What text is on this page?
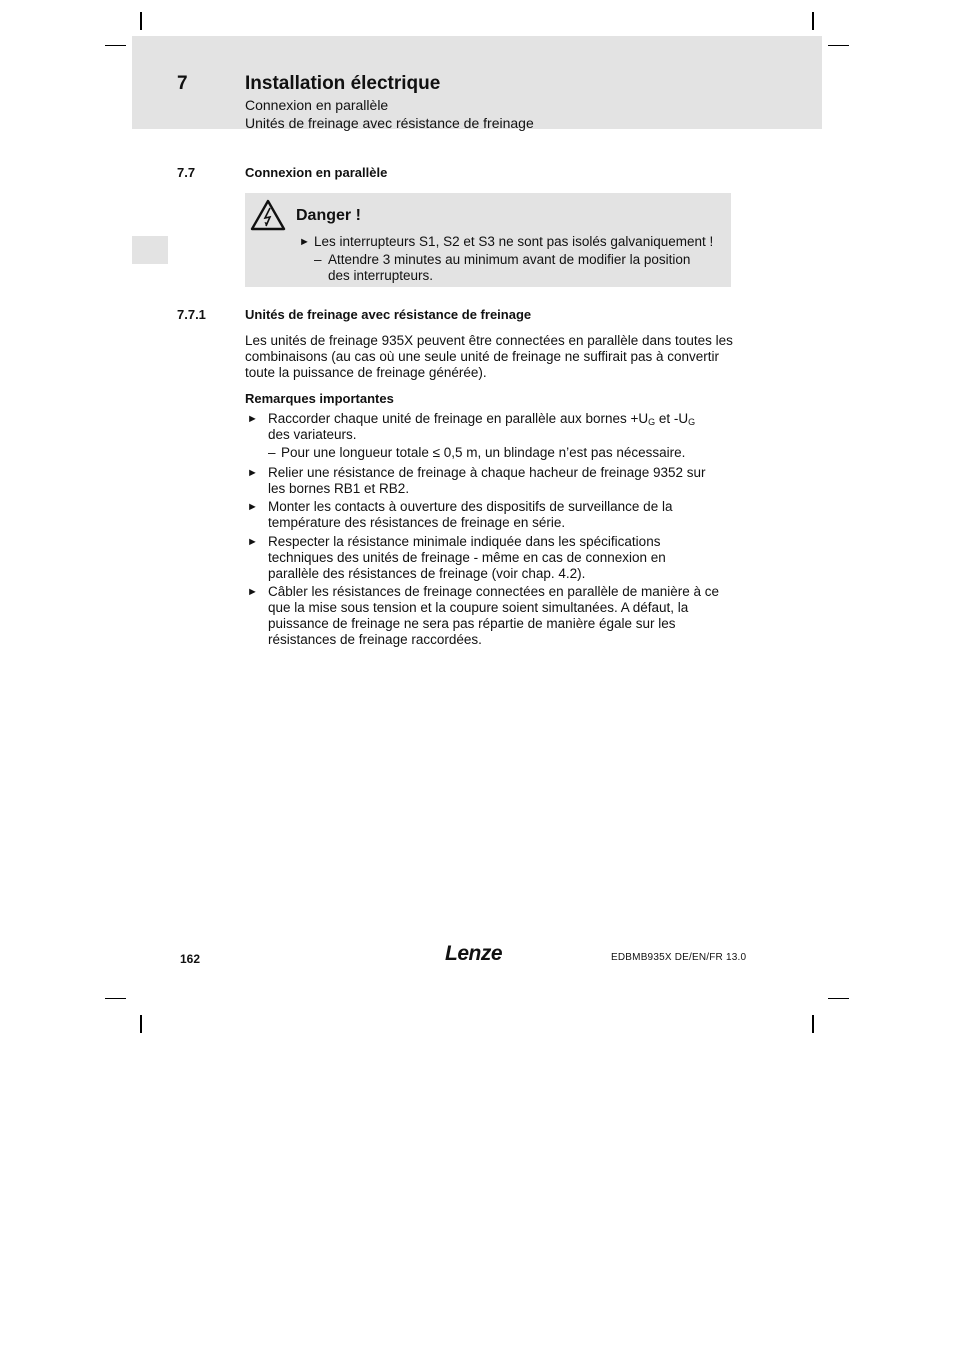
7	Installation électrique
Connexion en parallèle
Unités de freinage avec résistance de freinage
7.7	Connexion en parallèle
Danger !
► Les interrupteurs S1, S2 et S3 ne sont pas isolés galvaniquement !
– Attendre 3 minutes au minimum avant de modifier la position
des interrupteurs.
7.7.1	Unités de freinage avec résistance de freinage
Les unités de freinage 935X peuvent être connectées en parallèle dans toutes les
combinaisons (au cas où une seule unité de freinage ne suffirait pas à convertir
toute la puissance de freinage générée).
Remarques importantes
► Raccorder chaque unité de freinage en parallèle aux bornes $+U_G$ et $-U_G$
des variateurs.
– Pour une longueur totale ≤ 0,5 m, un blindage n’est pas nécessaire.
► Relier une résistance de freinage à chaque hacheur de freinage 9352 sur
les bornes RB1 et RB2.
► Monter les contacts à ouverture des dispositifs de surveillance de la
température des résistances de freinage en série.
► Respecter la résistance minimale indiquée dans les spécifications
techniques des unités de freinage - même en cas de connexion en
parallèle des résistances de freinage (voir chap. 4.2).
► Câbler les résistances de freinage connectées en parallèle de manière à ce
que la mise sous tension et la coupure soient simultanées. A défaut, la
puissance de freinage ne sera pas répartie de manière égale sur les
résistances de freinage raccordées.
162	Lenze	EDBMB935X DE/EN/FR 13.0
